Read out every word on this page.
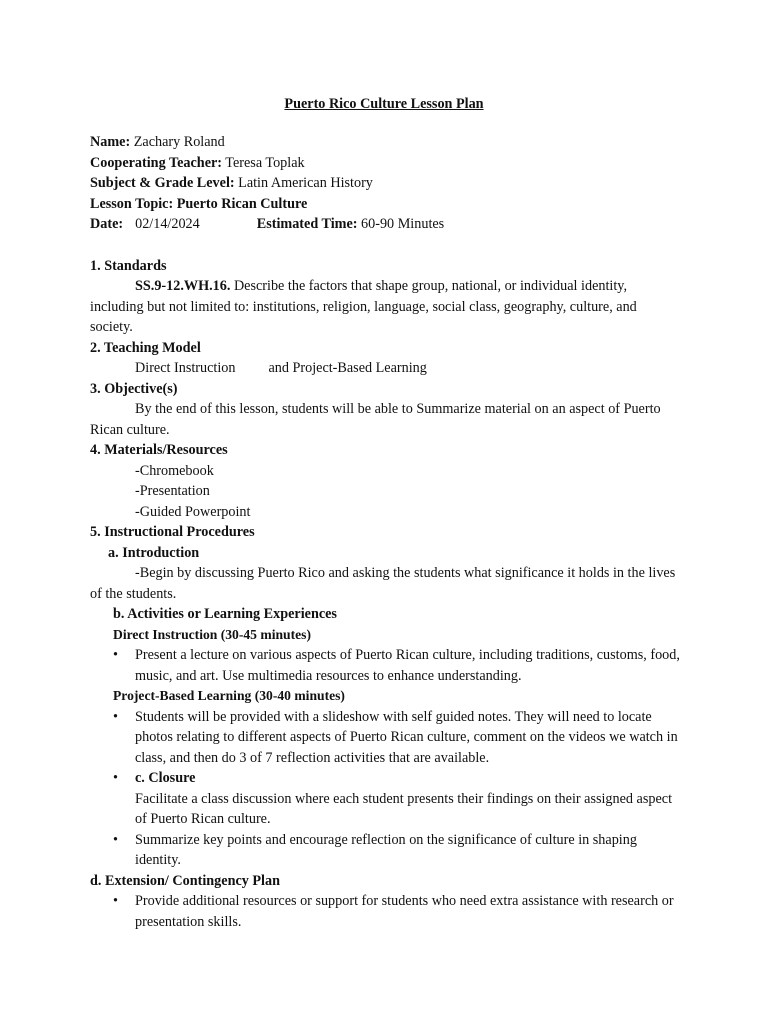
Puerto Rico Culture Lesson Plan

Name: Zachary Roland

Cooperating Teacher: Teresa Toplak

Subject & Grade Level: Latin American History

Lesson Topic: Puerto Rican Culture

Date: 02/14/2024	Estimated Time: 60-90 Minutes

1. Standards

SS.9-12.WH.16. Describe the factors that shape group, national, or individual identity, including but not limited to: institutions, religion, language, social class, geography, culture, and society.

2. Teaching Model

Direct Instruction and Project-Based Learning

3. Objective(s)

By the end of this lesson, students will be able to Summarize material on an aspect of Puerto Rican culture.

4. Materials/Resources

-Chromebook

-Presentation

-Guided Powerpoint

5. Instructional Procedures

a. Introduction

-Begin by discussing Puerto Rico and asking the students what significance it holds in the lives of the students.

b. Activities or Learning Experiences

Direct Instruction (30-45 minutes)

• Present a lecture on various aspects of Puerto Rican culture, including traditions, customs, food, music, and art. Use multimedia resources to enhance understanding.

Project-Based Learning (30-40 minutes)

• Students will be provided with a slideshow with self guided notes. They will need to locate photos relating to different aspects of Puerto Rican culture, comment on the videos we watch in class, and then do 3 of 7 reflection activities that are available.
• c. Closure

Facilitate a class discussion where each student presents their findings on their assigned aspect of Puerto Rican culture.

• Summarize key points and encourage reflection on the significance of culture in shaping identity.

d. Extension/ Contingency Plan

• Provide additional resources or support for students who need extra assistance with research or presentation skills.
